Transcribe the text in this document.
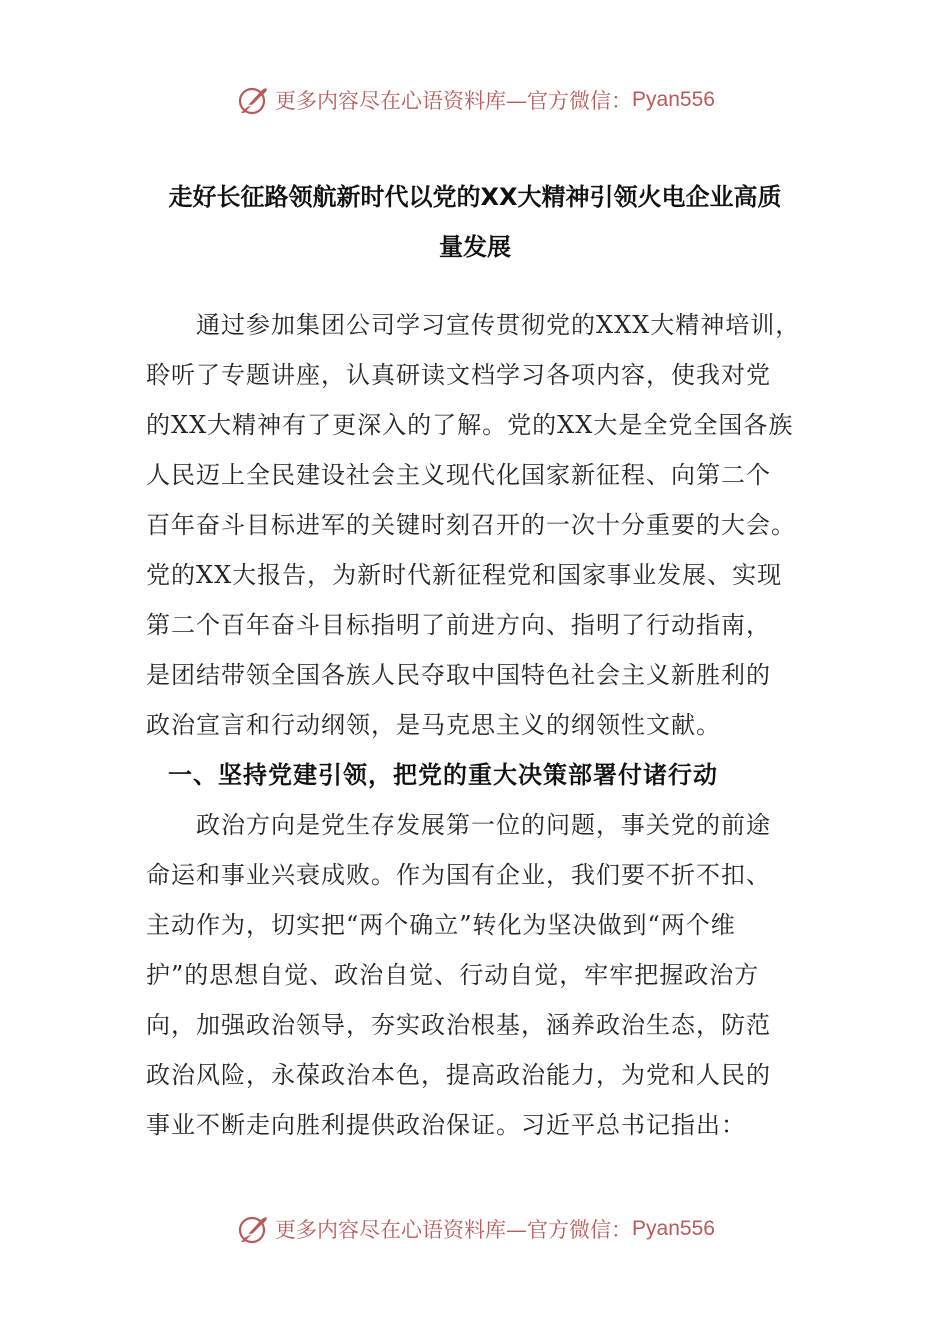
更多内容尽在心语资料库 —官方微信： Pyan556
走好长征路领航新时代以党的XX大精神引领火电企业高质
量发展
通过参加集团公司学习宣传贯彻党的XXX大精神培训，
聆听了专题讲座，认真研读文档学习各项内容，使我对党
的XX大精神有了更深入的了解。党的XX大是全党全国各族
人民迈上全民建设社会主义现代化国家新征程、向第二个
百年奋斗目标进军的关键时刻召开的一次十分重要的大会。
党的XX大报告，为新时代新征程党和国家事业发展、实现
第二个百年奋斗目标指明了前进方向、指明了行动指南，
是团结带领全国各族人民夺取中国特色社会主义新胜利的
政治宣言和行动纲领，是马克思主义的纲领性文献。
一、坚持党建引领，把党的重大决策部署付诸行动
政治方向是党生存发展第一位的问题，事关党的前途
命运和事业兴衰成败。作为国有企业，我们要不折不扣、
主动作为，切实把“两个确立”转化为坚决做到“两个维
护”的思想自觉、政治自觉、行动自觉，牢牢把握政治方
向，加强政治领导，夯实政治根基，涵养政治生态，防范
政治风险，永葆政治本色，提高政治能力，为党和人民的
事业不断走向胜利提供政治保证。习近平总书记指出：
更多内容尽在心语资料库 —官方微信： Pyan556
